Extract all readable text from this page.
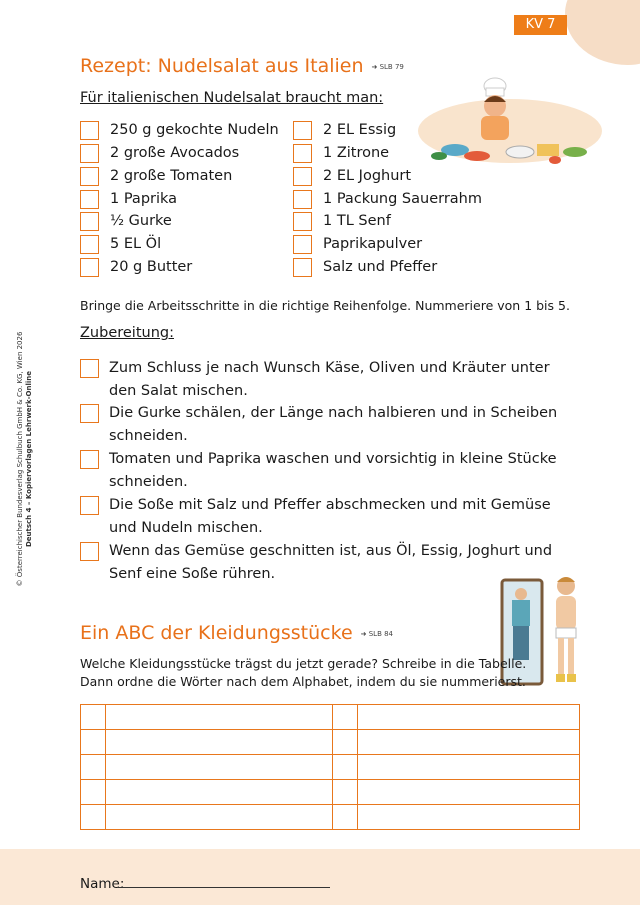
KV 7
© Österreichischer Bundesverlag Schulbuch GmbH & Co. KG, Wien 2026 Deutsch 4 – Kopiervorlagen Lehrwerk-Online
Rezept: Nudelsalat aus Italien ➜ SLB 79

Für italienischen Nudelsalat braucht man:

250 g gekochte Nudeln
2 große Avocados
2 große Tomaten
1 Paprika
½ Gurke
5 EL Öl
20 g Butter
2 EL Essig
1 Zitrone
2 EL Joghurt
1 Packung Sauerrahm
1 TL Senf
Paprikapulver
Salz und Pfeffer

Bringe die Arbeitsschritte in die richtige Reihenfolge. Nummeriere von 1 bis 5.

Zubereitung:

Zum Schluss je nach Wunsch Käse, Oliven und Kräuter unter den Salat mischen.
Die Gurke schälen, der Länge nach halbieren und in Scheiben schneiden.
Tomaten und Paprika waschen und vorsichtig in kleine Stücke schneiden.
Die Soße mit Salz und Pfeffer abschmecken und mit Gemüse und Nudeln mischen.
Wenn das Gemüse geschnitten ist, aus Öl, Essig, Joghurt und Senf eine Soße rühren.
Ein ABC der Kleidungsstücke ➜ SLB 84

Welche Kleidungsstücke trägst du jetzt gerade? Schreibe in die Tabelle.

Dann ordne die Wörter nach dem Alphabet, indem du sie nummerierst.

Name:
